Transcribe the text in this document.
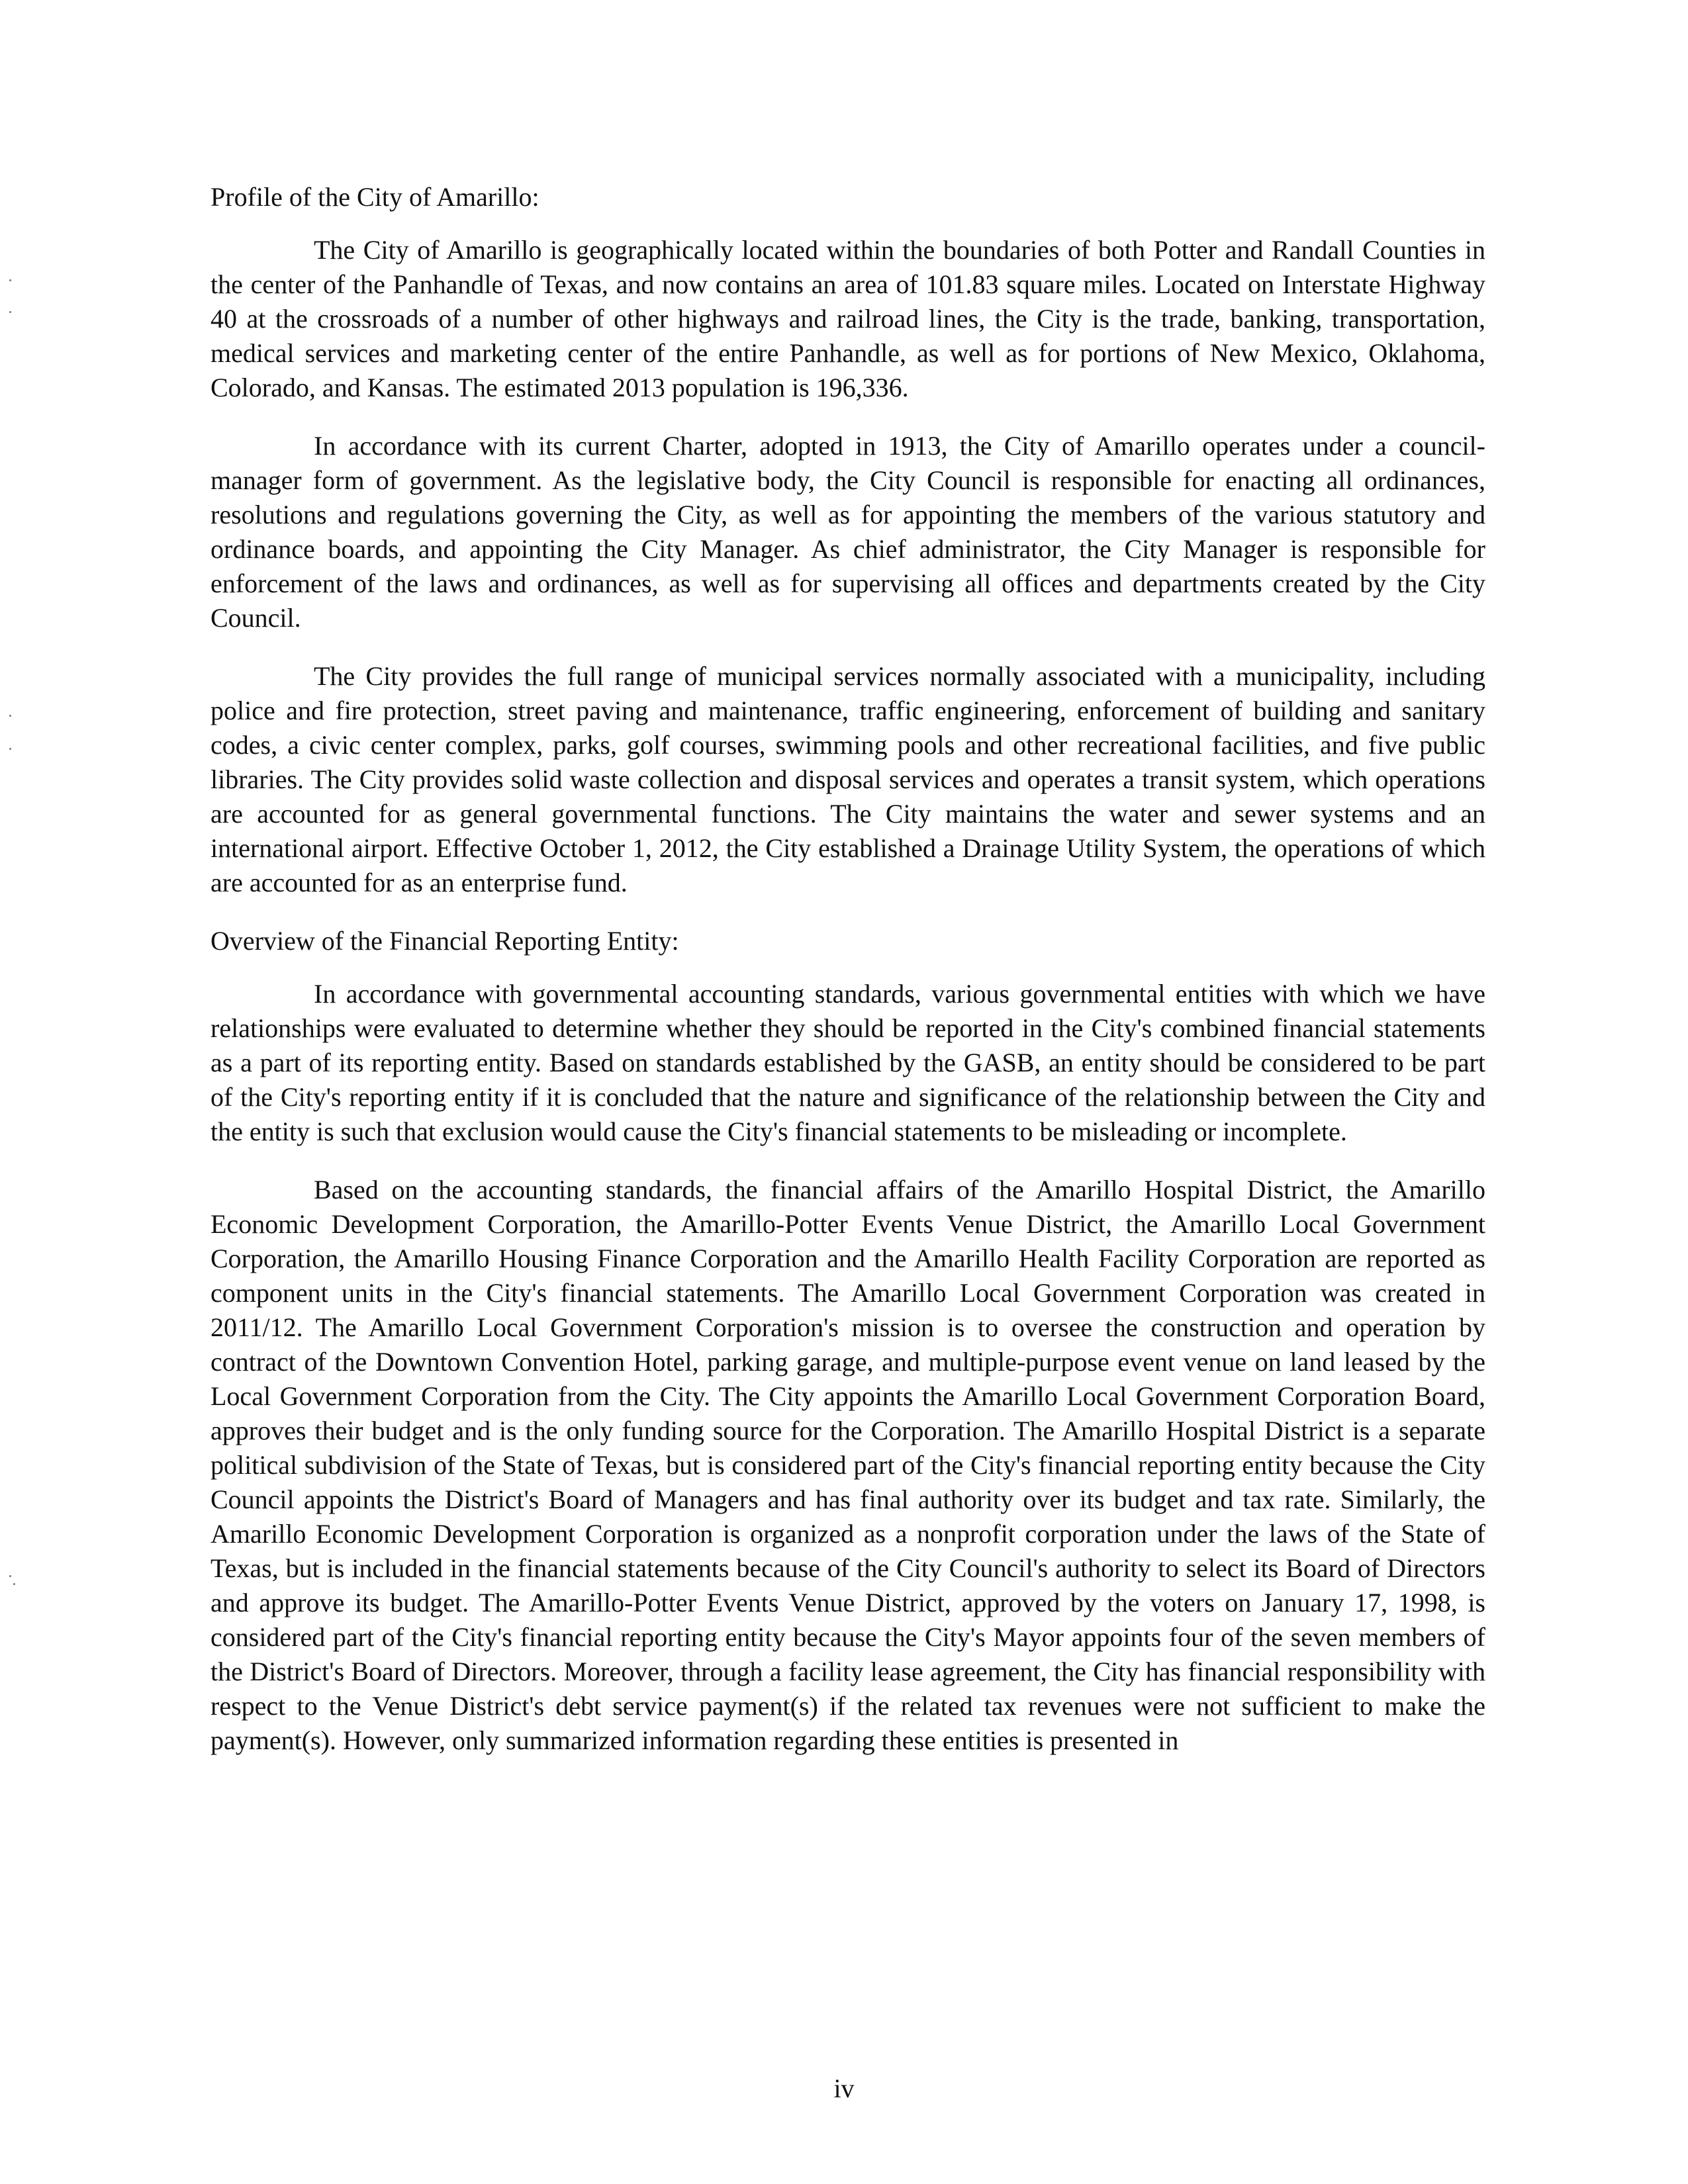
Profile of the City of Amarillo:

The City of Amarillo is geographically located within the boundaries of both Potter and Randall Counties in the center of the Panhandle of Texas, and now contains an area of 101.83 square miles. Located on Interstate Highway 40 at the crossroads of a number of other highways and railroad lines, the City is the trade, banking, transportation, medical services and marketing center of the entire Panhandle, as well as for portions of New Mexico, Oklahoma, Colorado, and Kansas. The estimated 2013 population is 196,336.

In accordance with its current Charter, adopted in 1913, the City of Amarillo operates under a council-manager form of government. As the legislative body, the City Council is responsible for enacting all ordinances, resolutions and regulations governing the City, as well as for appointing the members of the various statutory and ordinance boards, and appointing the City Manager. As chief administrator, the City Manager is responsible for enforcement of the laws and ordinances, as well as for supervising all offices and departments created by the City Council.

The City provides the full range of municipal services normally associated with a municipality, including police and fire protection, street paving and maintenance, traffic engineering, enforcement of building and sanitary codes, a civic center complex, parks, golf courses, swimming pools and other recreational facilities, and five public libraries. The City provides solid waste collection and disposal services and operates a transit system, which operations are accounted for as general governmental functions. The City maintains the water and sewer systems and an international airport. Effective October 1, 2012, the City established a Drainage Utility System, the operations of which are accounted for as an enterprise fund.

Overview of the Financial Reporting Entity:

In accordance with governmental accounting standards, various governmental entities with which we have relationships were evaluated to determine whether they should be reported in the City's combined financial statements as a part of its reporting entity. Based on standards established by the GASB, an entity should be considered to be part of the City's reporting entity if it is concluded that the nature and significance of the relationship between the City and the entity is such that exclusion would cause the City's financial statements to be misleading or incomplete.

Based on the accounting standards, the financial affairs of the Amarillo Hospital District, the Amarillo Economic Development Corporation, the Amarillo-Potter Events Venue District, the Amarillo Local Government Corporation, the Amarillo Housing Finance Corporation and the Amarillo Health Facility Corporation are reported as component units in the City's financial statements. The Amarillo Local Government Corporation was created in 2011/12. The Amarillo Local Government Corporation's mission is to oversee the construction and operation by contract of the Downtown Convention Hotel, parking garage, and multiple-purpose event venue on land leased by the Local Government Corporation from the City. The City appoints the Amarillo Local Government Corporation Board, approves their budget and is the only funding source for the Corporation. The Amarillo Hospital District is a separate political subdivision of the State of Texas, but is considered part of the City's financial reporting entity because the City Council appoints the District's Board of Managers and has final authority over its budget and tax rate. Similarly, the Amarillo Economic Development Corporation is organized as a nonprofit corporation under the laws of the State of Texas, but is included in the financial statements because of the City Council's authority to select its Board of Directors and approve its budget. The Amarillo-Potter Events Venue District, approved by the voters on January 17, 1998, is considered part of the City's financial reporting entity because the City's Mayor appoints four of the seven members of the District's Board of Directors. Moreover, through a facility lease agreement, the City has financial responsibility with respect to the Venue District's debt service payment(s) if the related tax revenues were not sufficient to make the payment(s). However, only summarized information regarding these entities is presented in

iv
